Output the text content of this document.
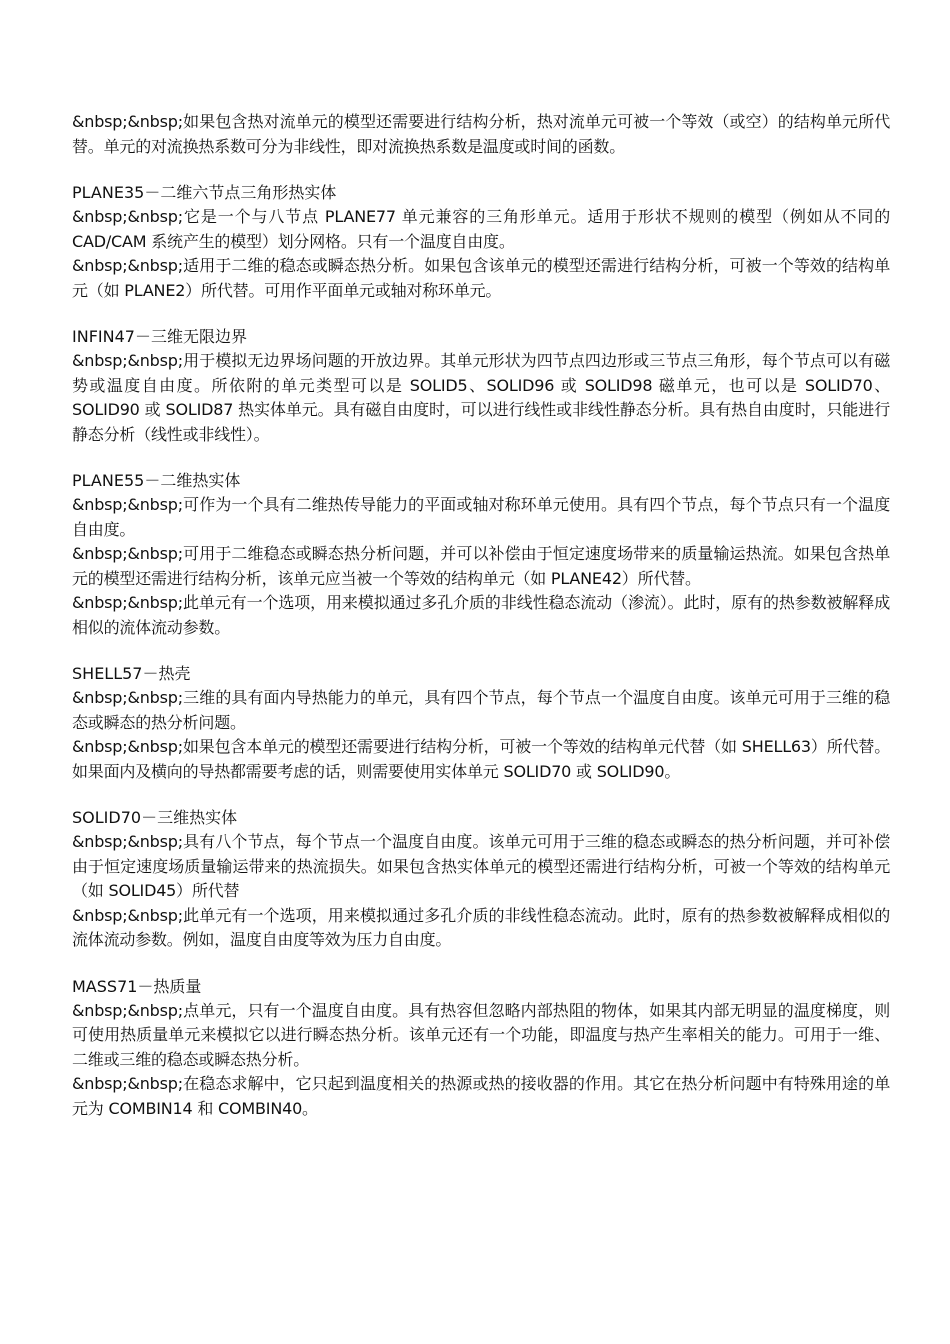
&nbsp;&nbsp;如果包含热对流单元的模型还需要进行结构分析，热对流单元可被一个等效（或空）的结构单元所代替。单元的对流换热系数可分为非线性，即对流换热系数是温度或时间的函数。

PLANE35－二维六节点三角形热实体

&nbsp;&nbsp;它是一个与八节点 PLANE77 单元兼容的三角形单元。适用于形状不规则的模型（例如从不同的 CAD/CAM 系统产生的模型）划分网格。只有一个温度自由度。

&nbsp;&nbsp;适用于二维的稳态或瞬态热分析。如果包含该单元的模型还需进行结构分析，可被一个等效的结构单元（如 PLANE2）所代替。可用作平面单元或轴对称环单元。

INFIN47－三维无限边界

&nbsp;&nbsp;用于模拟无边界场问题的开放边界。其单元形状为四节点四边形或三节点三角形，每个节点可以有磁势或温度自由度。所依附的单元类型可以是 SOLID5、SOLID96 或 SOLID98 磁单元，也可以是 SOLID70、SOLID90 或 SOLID87 热实体单元。具有磁自由度时，可以进行线性或非线性静态分析。具有热自由度时，只能进行静态分析（线性或非线性）。

PLANE55－二维热实体

&nbsp;&nbsp;可作为一个具有二维热传导能力的平面或轴对称环单元使用。具有四个节点，每个节点只有一个温度自由度。

&nbsp;&nbsp;可用于二维稳态或瞬态热分析问题，并可以补偿由于恒定速度场带来的质量输运热流。如果包含热单元的模型还需进行结构分析，该单元应当被一个等效的结构单元（如 PLANE42）所代替。

&nbsp;&nbsp;此单元有一个选项，用来模拟通过多孔介质的非线性稳态流动（渗流）。此时，原有的热参数被解释成相似的流体流动参数。

SHELL57－热壳

&nbsp;&nbsp;三维的具有面内导热能力的单元，具有四个节点，每个节点一个温度自由度。该单元可用于三维的稳态或瞬态的热分析问题。

&nbsp;&nbsp;如果包含本单元的模型还需要进行结构分析，可被一个等效的结构单元代替（如 SHELL63）所代替。如果面内及横向的导热都需要考虑的话，则需要使用实体单元 SOLID70 或 SOLID90。

SOLID70－三维热实体

&nbsp;&nbsp;具有八个节点，每个节点一个温度自由度。该单元可用于三维的稳态或瞬态的热分析问题，并可补偿由于恒定速度场质量输运带来的热流损失。如果包含热实体单元的模型还需进行结构分析，可被一个等效的结构单元（如 SOLID45）所代替

&nbsp;&nbsp;此单元有一个选项，用来模拟通过多孔介质的非线性稳态流动。此时，原有的热参数被解释成相似的流体流动参数。例如，温度自由度等效为压力自由度。

MASS71－热质量

&nbsp;&nbsp;点单元，只有一个温度自由度。具有热容但忽略内部热阻的物体，如果其内部无明显的温度梯度，则可使用热质量单元来模拟它以进行瞬态热分析。该单元还有一个功能，即温度与热产生率相关的能力。可用于一维、二维或三维的稳态或瞬态热分析。

&nbsp;&nbsp;在稳态求解中，它只起到温度相关的热源或热的接收器的作用。其它在热分析问题中有特殊用途的单元为 COMBIN14 和 COMBIN40。
